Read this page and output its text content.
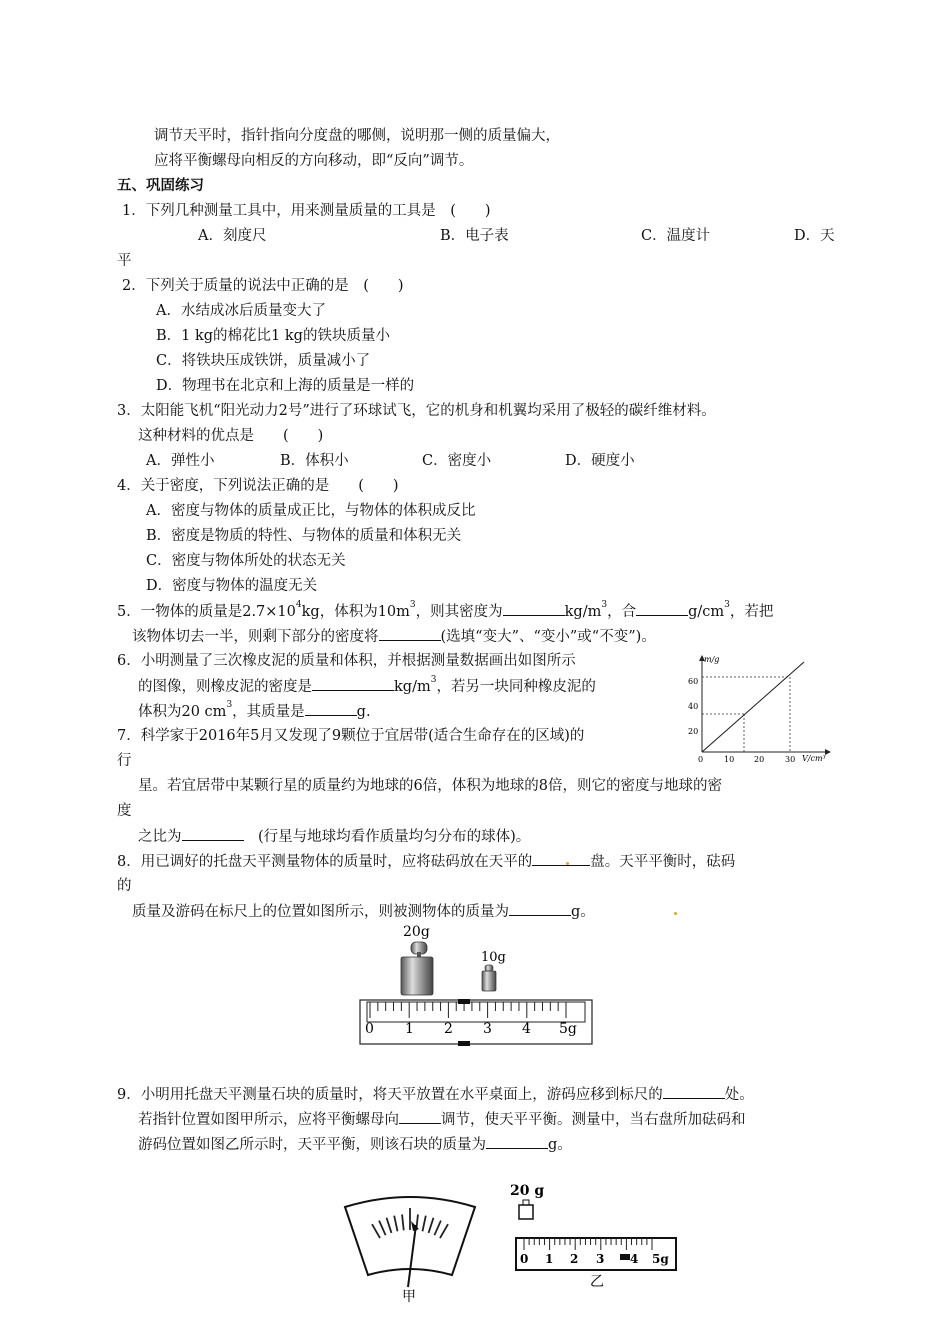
调节天平时，指针指向分度盘的哪侧，说明那一侧的质量偏大，
应将平衡螺母向相反的方向移动，即“反向”调节。
五、巩固练习
1．下列几种测量工具中，用来测量质量的工具是　(　　)
A．刻度尺	B．电子表	C．温度计	D．天
平
2．下列关于质量的说法中正确的是　(　　)
A．水结成冰后质量变大了
B．1 kg的棉花比1 kg的铁块质量小
C．将铁块压成铁饼，质量减小了
D．物理书在北京和上海的质量是一样的
3．太阳能飞机“阳光动力2号”进行了环球试飞，它的机身和机翼均采用了极轻的碳纤维材料。
这种材料的优点是　　(　　)
A．弹性小	B．体积小	C．密度小	D．硬度小
4．关于密度，下列说法正确的是　　(　　)
A．密度与物体的质量成正比，与物体的体积成反比
B．密度是物质的特性、与物体的质量和体积无关
C．密度与物体所处的状态无关
D．密度与物体的温度无关
5．一物体的质量是$2.7\times 10^4kg$，体积为$10m^3$，则其密度为	$kg/m^3$，合	$g/cm^3$，若把
该物体切去一半，则剩下部分的密度将	(选填“变大”、“变小”或“不变”)。
6．小明测量了三次橡皮泥的质量和体积，并根据测量数据画出如图所示
的图像，则橡皮泥的密度是	$kg/m^3$，若另一块同种橡皮泥的
体积为20 $cm^3$，其质量是	g.
m/g
V/cm³
20
40
60
0	10 20	30
7．科学家于2016年5月又发现了9颗位于宜居带(适合生命存在的区域)的
行
星。若宜居带中某颗行星的质量约为地球的6倍，体积为地球的8倍，则它的密度与地球的密
度
之比为	　(行星与地球均看作质量均匀分布的球体)。
8．用已调好的托盘天平测量物体的质量时，应将砝码放在天平的	盘。天平平衡时，砝码
的
质量及游码在标尺上的位置如图所示，则被测物体的质量为	g。
20g
10g
0 1 2 3 4 5g
9．小明用托盘天平测量石块的质量时，将天平放置在水平桌面上，游码应移到标尺的	处。
若指针位置如图甲所示，应将平衡螺母向	调节，使天平平衡。测量中，当右盘所加砝码和
游码位置如图乙所示时，天平平衡，则该石块的质量为	g。
甲
20 g
0 1 2 3 4 5g
乙
